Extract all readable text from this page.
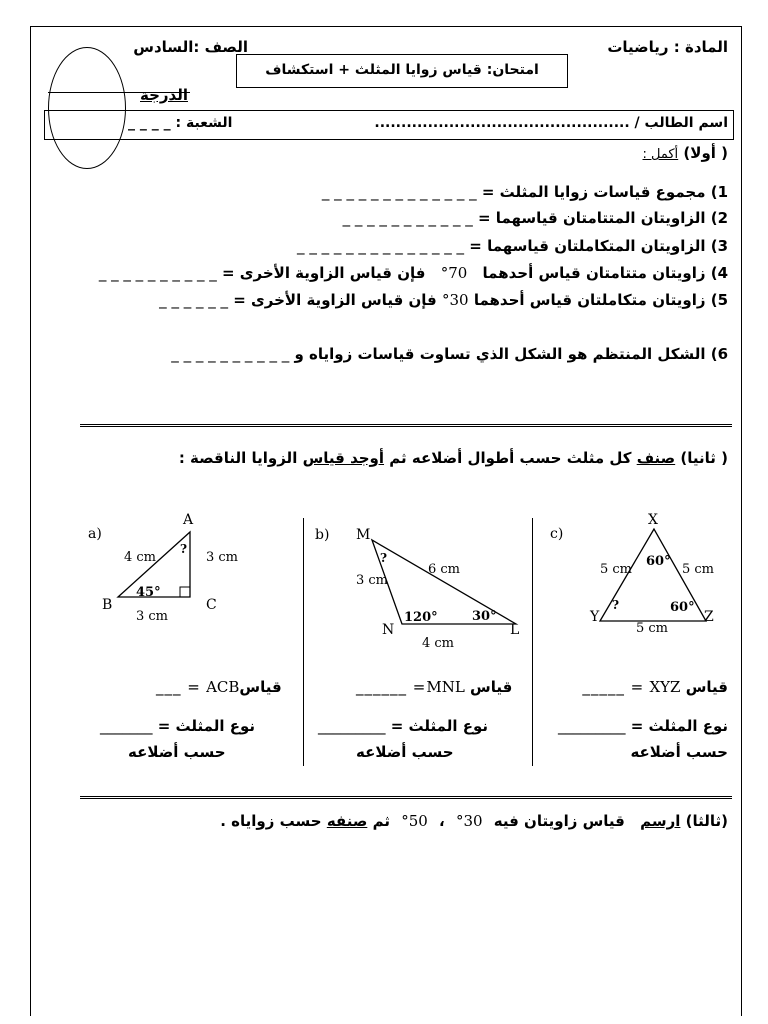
المادة : رياضيات
الصف :السادس
امتحان: قياس زوايا المثلث + استكشاف
الدرجة
اسم الطالب / ................................................
الشعبة : _ _ _ _
( أولا) أكمل :
1) مجموع قياسات زوايا المثلث = _ _ _ _ _ _ _ _ _ _ _ _ _
2) الزاويتان المتتامتان قياسهما = _ _ _ _ _ _ _ _ _ _ _
3) الزاويتان المتكاملتان قياسهما = _ _ _ _ _ _ _ _ _ _ _ _ _ _
4) زاويتان متتامتان قياس أحدهما 70° فإن قياس الزاوية الأخرى = _ _ _ _ _ _ _ _ _ _
5) زاويتان متكاملتان قياس أحدهما 30° فإن قياس الزاوية الأخرى = _ _ _ _ _ _
6) الشكل المنتظم هو الشكل الذي تساوت قياسات زواياه و _ _ _ _ _ _ _ _ _ _
( ثانيا) صنف كل مثلث حسب أطوال أضلاعه ثم أوجد قياس الزوايا الناقصة :
a)
A
B	C
4 cm	3 cm
3 cm
45°
?
b) M
N	L
6 cm
3 cm
4 cm
120°	30°
?
c)
X
Y	Z
5 cm	5 cm
5 cm
60°
60°
?
قياسACB = ___
نوع المثلث = _______
حسب أضلاعه
قياس MNL= ______
نوع المثلث = _________
حسب أضلاعه
قياس XYZ = _____
نوع المثلث = _________
حسب أضلاعه
(ثالثا) ارسم قياس زاويتان فيه 30° ، 50° ثم صنفه حسب زواياه .
